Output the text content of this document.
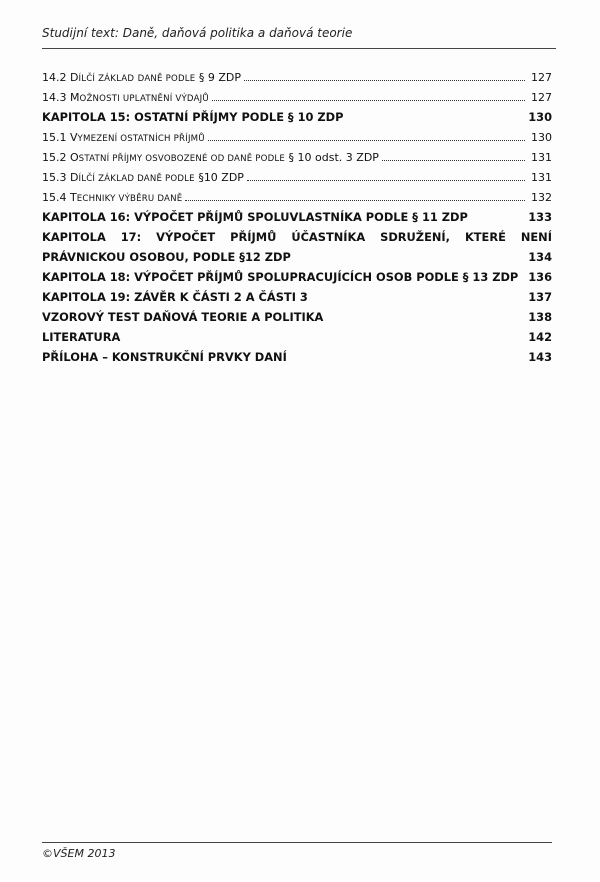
Studijní text: Daně, daňová politika a daňová teorie
14.2 DÍLČÍ ZÁKLAD DANĚ PODLE § 9 ZDP	127
14.3 MOŽNOSTI UPLATNĚNÍ VÝDAJŮ	127
KAPITOLA 15: OSTATNÍ PŘÍJMY PODLE § 10 ZDP	130
15.1 VYMEZENÍ OSTATNÍCH PŘÍJMŮ	130
15.2 OSTATNÍ PŘÍJMY OSVOBOZENÉ OD DANĚ PODLE § 10 odst. 3 ZDP	131
15.3 DÍLČÍ ZÁKLAD DANĚ PODLE §10 ZDP	131
15.4 TECHNIKY VÝBĚRU DANĚ	132
KAPITOLA 16: VÝPOČET PŘÍJMŮ SPOLUVLASTNÍKA PODLE § 11 ZDP	133
KAPITOLA 17: VÝPOČET PŘÍJMŮ ÚČASTNÍKA SDRUŽENÍ, KTERÉ NENÍ
PRÁVNICKOU OSOBOU, PODLE §12 ZDP	134
KAPITOLA 18: VÝPOČET PŘÍJMŮ SPOLUPRACUJÍCÍCH OSOB PODLE § 13 ZDP 136
KAPITOLA 19: ZÁVĚR K ČÁSTI 2 A ČÁSTI 3	137
VZOROVÝ TEST DAŇOVÁ TEORIE A POLITIKA	138
LITERATURA	142
PŘÍLOHA – KONSTRUKČNÍ PRVKY DANÍ	143
©VŠEM 2013
